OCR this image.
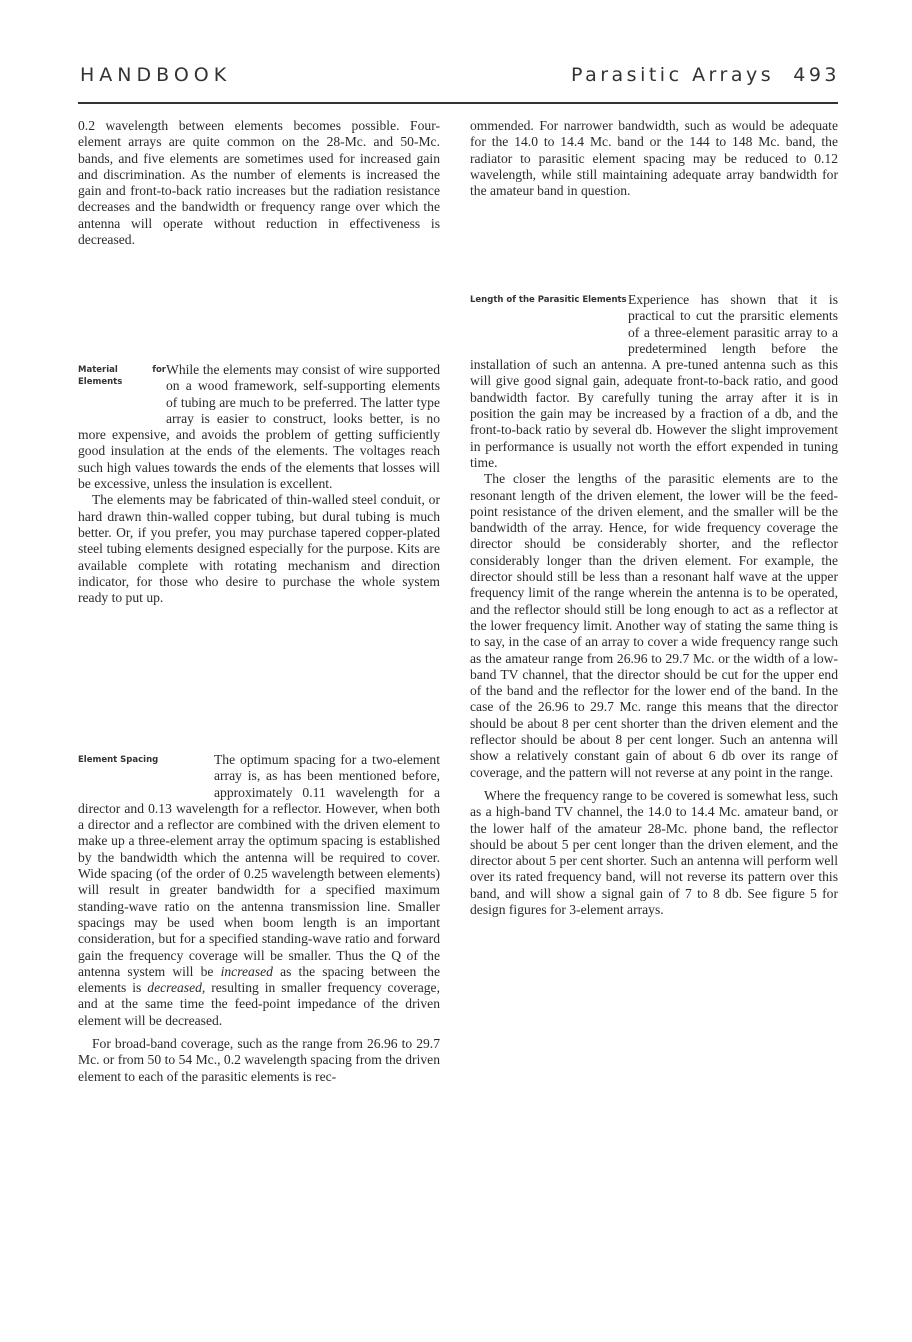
HANDBOOK	Parasitic Arrays 493

0.2 wavelength between elements becomes possible. Four-element arrays are quite common on the 28-Mc. and 50-Mc. bands, and five elements are sometimes used for increased gain and discrimination. As the number of elements is increased the gain and front-to-back ratio increases but the radiation resistance decreases and the bandwidth or frequency range over which the antenna will operate without reduction in effectiveness is decreased.

Material for Elements

While the elements may consist of wire supported on a wood framework, self-supporting elements of tubing are much to be preferred. The latter type array is easier to construct, looks better, is no more expensive, and avoids the problem of getting sufficiently good insulation at the ends of the elements. The voltages reach such high values towards the ends of the elements that losses will be excessive, unless the insulation is excellent.

The elements may be fabricated of thin-walled steel conduit, or hard drawn thin-walled copper tubing, but dural tubing is much better. Or, if you prefer, you may purchase tapered copper-plated steel tubing elements designed especially for the purpose. Kits are available complete with rotating mechanism and direction indicator, for those who desire to purchase the whole system ready to put up.

Element Spacing	The optimum spacing for a two-element array is, as has been mentioned before, approximately 0.11 wavelength for a director and 0.13 wavelength for a reflector. However, when both a director and a reflector are combined with the driven element to make up a three-element array the optimum spacing is established by the bandwidth which the antenna will be required to cover. Wide spacing (of the order of 0.25 wavelength between elements) will result in greater bandwidth for a specified maximum standing-wave ratio on the antenna transmission line. Smaller spacings may be used when boom length is an important consideration, but for a specified standing-wave ratio and forward gain the frequency coverage will be smaller. Thus the Q of the antenna system will be increased as the spacing between the elements is decreased, resulting in smaller frequency coverage, and at the same time the feed-point impedance of the driven element will be decreased.

For broad-band coverage, such as the range from 26.96 to 29.7 Mc. or from 50 to 54 Mc., 0.2 wavelength spacing from the driven element to each of the parasitic elements is rec-

ommended. For narrower bandwidth, such as would be adequate for the 14.0 to 14.4 Mc. band or the 144 to 148 Mc. band, the radiator to parasitic element spacing may be reduced to 0.12 wavelength, while still maintaining adequate array bandwidth for the amateur band in question.

Length of the Parasitic Elements Experience has shown that it is practical to cut the prarsitic elements of a three-element parasitic array to a predetermined length before the installation of such an antenna. A pre-tuned antenna such as this will give good signal gain, adequate front-to-back ratio, and good bandwidth factor. By carefully tuning the array after it is in position the gain may be increased by a fraction of a db, and the front-to-back ratio by several db. However the slight improvement in performance is usually not worth the effort expended in tuning time.

The closer the lengths of the parasitic elements are to the resonant length of the driven element, the lower will be the feed-point resistance of the driven element, and the smaller will be the bandwidth of the array. Hence, for wide frequency coverage the director should be considerably shorter, and the reflector considerably longer than the driven element. For example, the director should still be less than a resonant half wave at the upper frequency limit of the range wherein the antenna is to be operated, and the reflector should still be long enough to act as a reflector at the lower frequency limit. Another way of stating the same thing is to say, in the case of an array to cover a wide frequency range such as the amateur range from 26.96 to 29.7 Mc. or the width of a low-band TV channel, that the director should be cut for the upper end of the band and the reflector for the lower end of the band. In the case of the 26.96 to 29.7 Mc. range this means that the director should be about 8 per cent shorter than the driven element and the reflector should be about 8 per cent longer. Such an antenna will show a relatively constant gain of about 6 db over its range of coverage, and the pattern will not reverse at any point in the range.

Where the frequency range to be covered is somewhat less, such as a high-band TV channel, the 14.0 to 14.4 Mc. amateur band, or the lower half of the amateur 28-Mc. phone band, the reflector should be about 5 per cent longer than the driven element, and the director about 5 per cent shorter. Such an antenna will perform well over its rated frequency band, will not reverse its pattern over this band, and will show a signal gain of 7 to 8 db. See figure 5 for design figures for 3-element arrays.
